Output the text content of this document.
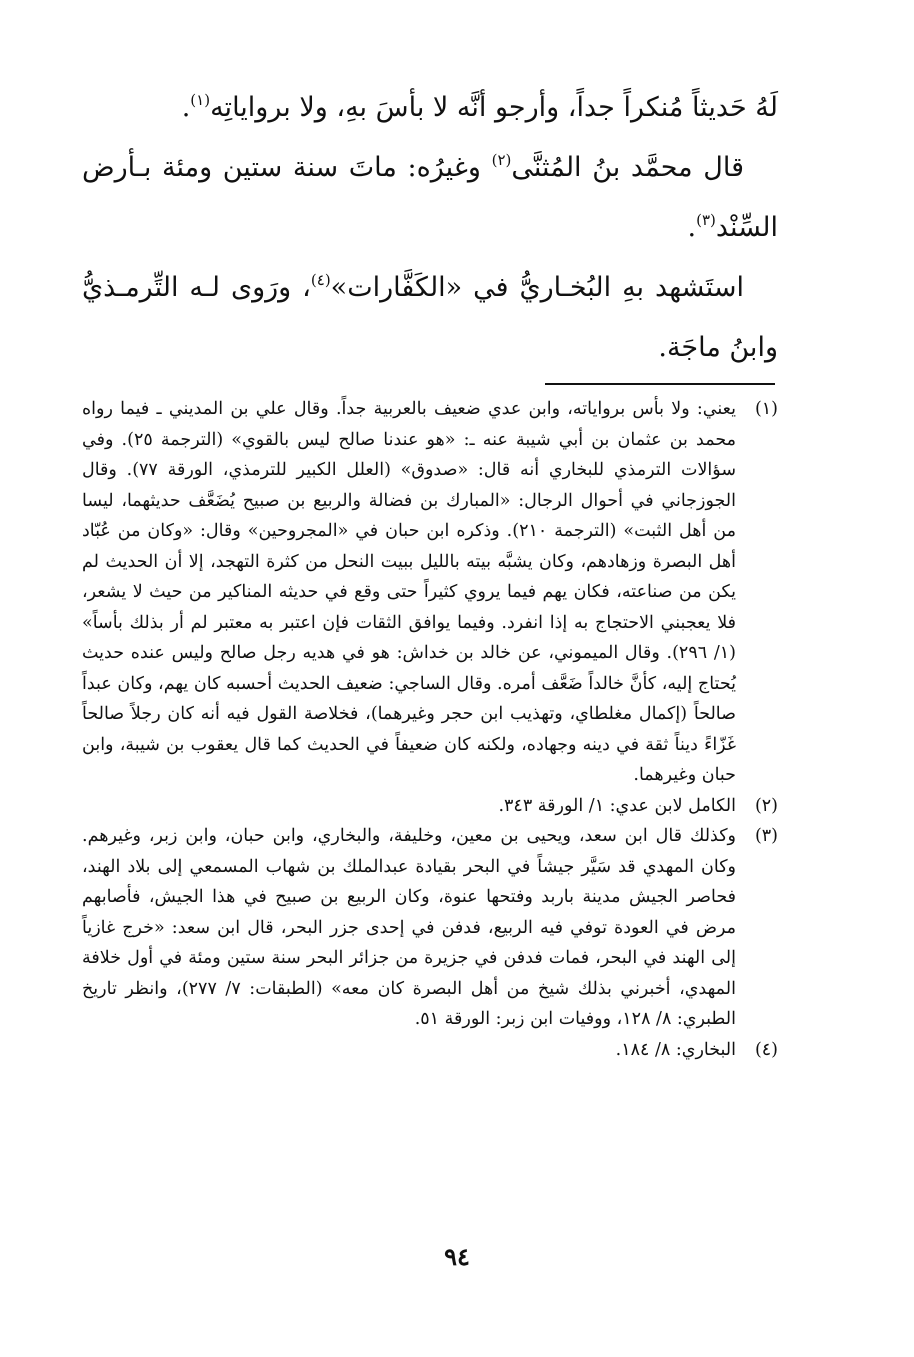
لَهُ حَديثاً مُنكراً جداً، وأرجو أنَّه لا بأسَ بهِ، ولا برواياتِه$^{(١)}$.

قال محمَّد بنُ المُثنَّى$^{(٢)}$ وغيرُه: ماتَ سنة ستين ومئة بـأرض السِّنْد$^{(٣)}$.

استَشهد بهِ البُخـاريُّ في «الكَفَّارات»$^{(٤)}$، ورَوى لـه التِّرمـذيُّ وابنُ ماجَة.

(١)
يعني: ولا بأس برواياته، وابن عدي ضعيف بالعربية جداً. وقال علي بن المديني ـ فيما رواه محمد بن عثمان بن أبي شيبة عنه ـ: «هو عندنا صالح ليس بالقوي» (الترجمة ٢٥). وفي سؤالات الترمذي للبخاري أنه قال: «صدوق» (العلل الكبير للترمذي، الورقة ٧٧). وقال الجوزجاني في أحوال الرجال: «المبارك بن فضالة والربيع بن صبيح يُضَعَّف حديثهما، ليسا من أهل الثبت» (الترجمة ٢١٠). وذكره ابن حبان في «المجروحين» وقال: «وكان من عُبّاد أهل البصرة وزهادهم، وكان يشبَّه بيته بالليل ببيت النحل من كثرة التهجد، إلا أن الحديث لم يكن من صناعته، فكان يهم فيما يروي كثيراً حتى وقع في حديثه المناكير من حيث لا يشعر، فلا يعجبني الاحتجاج به إذا انفرد. وفيما يوافق الثقات فإن اعتبر به معتبر لم أر بذلك بأساً» (١/ ٢٩٦). وقال الميموني، عن خالد بن خداش: هو في هديه رجل صالح وليس عنده حديث يُحتاج إليه، كأنَّ خالداً ضَعَّف أمره. وقال الساجي: ضعيف الحديث أحسبه كان يهم، وكان عبداً صالحاً (إكمال مغلطاي، وتهذيب ابن حجر وغيرهما)، فخلاصة القول فيه أنه كان رجلاً صالحاً غَزّاءً ديناً ثقة في دينه وجهاده، ولكنه كان ضعيفاً في الحديث كما قال يعقوب بن شيبة، وابن حبان وغيرهما.
(٢)
الكامل لابن عدي: ١/ الورقة ٣٤٣.
(٣)
وكذلك قال ابن سعد، ويحيى بن معين، وخليفة، والبخاري، وابن حبان، وابن زبر، وغيرهم. وكان المهدي قد سَيَّر جيشاً في البحر بقيادة عبدالملك بن شهاب المسمعي إلى بلاد الهند، فحاصر الجيش مدينة باربد وفتحها عنوة، وكان الربيع بن صبيح في هذا الجيش، فأصابهم مرض في العودة توفي فيه الربيع، فدفن في إحدى جزر البحر، قال ابن سعد: «خرج غازياً إلى الهند في البحر، فمات فدفن في جزيرة من جزائر البحر سنة ستين ومئة في أول خلافة المهدي، أخبرني بذلك شيخ من أهل البصرة كان معه» (الطبقات: ٧/ ٢٧٧)، وانظر تاريخ الطبري: ٨/ ١٢٨، ووفيات ابن زبر: الورقة ٥١.
(٤)
البخاري: ٨/ ١٨٤.
٩٤
